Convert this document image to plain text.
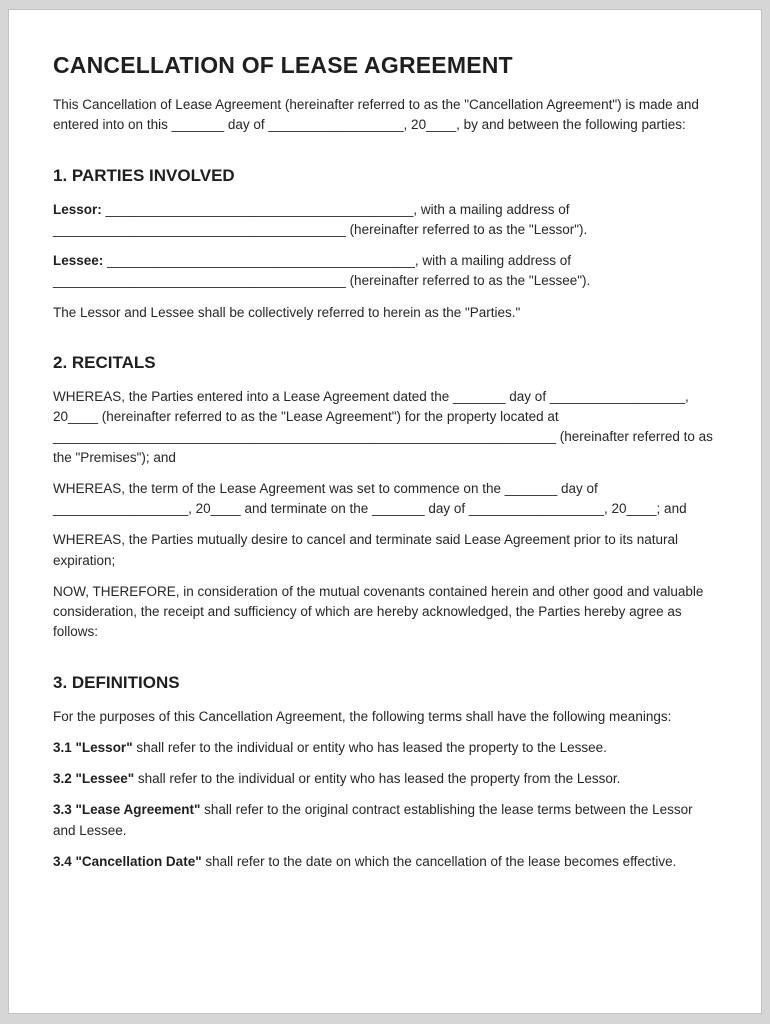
CANCELLATION OF LEASE AGREEMENT

This Cancellation of Lease Agreement (hereinafter referred to as the "Cancellation Agreement") is made and entered into on this _______ day of __________________, 20____, by and between the following parties:

1. PARTIES INVOLVED

Lessor: _________________________________________, with a mailing address of _______________________________________ (hereinafter referred to as the "Lessor").

Lessee: _________________________________________, with a mailing address of _______________________________________ (hereinafter referred to as the "Lessee").

The Lessor and Lessee shall be collectively referred to herein as the "Parties."

2. RECITALS

WHEREAS, the Parties entered into a Lease Agreement dated the _______ day of __________________, 20____ (hereinafter referred to as the "Lease Agreement") for the property located at ___________________________________________________________________ (hereinafter referred to as the "Premises"); and

WHEREAS, the term of the Lease Agreement was set to commence on the _______ day of __________________, 20____ and terminate on the _______ day of __________________, 20____; and

WHEREAS, the Parties mutually desire to cancel and terminate said Lease Agreement prior to its natural expiration;

NOW, THEREFORE, in consideration of the mutual covenants contained herein and other good and valuable consideration, the receipt and sufficiency of which are hereby acknowledged, the Parties hereby agree as follows:

3. DEFINITIONS

For the purposes of this Cancellation Agreement, the following terms shall have the following meanings:

3.1 "Lessor" shall refer to the individual or entity who has leased the property to the Lessee.

3.2 "Lessee" shall refer to the individual or entity who has leased the property from the Lessor.

3.3 "Lease Agreement" shall refer to the original contract establishing the lease terms between the Lessor and Lessee.

3.4 "Cancellation Date" shall refer to the date on which the cancellation of the lease becomes effective.
